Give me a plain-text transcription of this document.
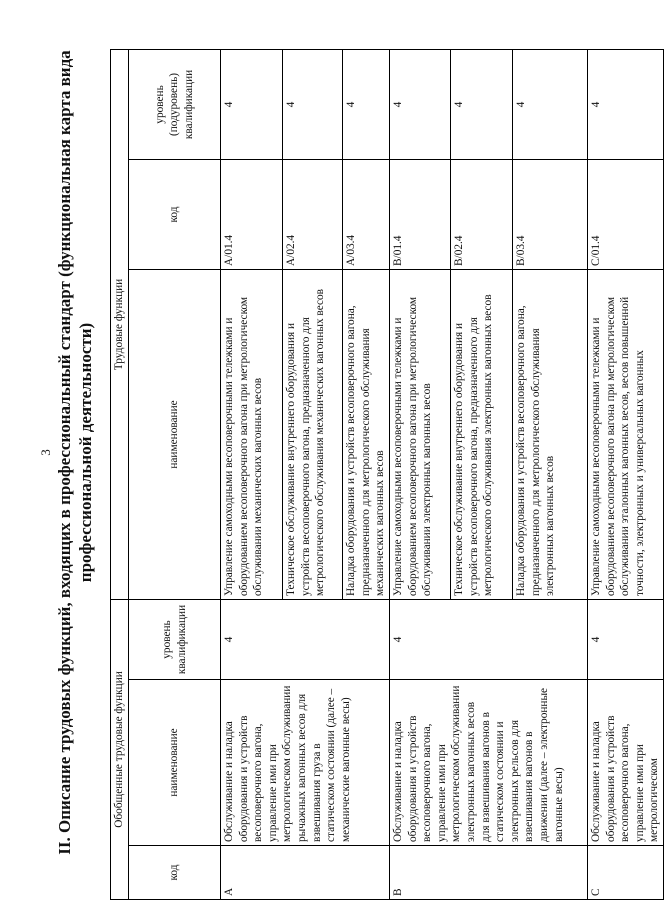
3 II. Описание трудовых функций, входящих в профессиональный стандарт (функциональная карта вида профессиональной деятельности)
Обобщенные трудовые функции			Трудовые функции		
код	наименование	уровень квалификации	наименование	код	уровень (подуровень) квалификации
A	Обслуживание и наладка оборудования и устройств весоповерочного вагона, управление ими при метрологическом обслуживании рычажных вагонных весов для взвешивания груза в статическом состоянии (далее – механические вагонные весы)	4	Управление самоходными весоповерочными тележками и оборудованием весоповерочного вагона при метрологическом обслуживании механических вагонных весов	A/01.4	4
			Техническое обслуживание внутреннего оборудования и устройств весоповерочного вагона, предназначенного для метрологического обслуживания механических вагонных весов	A/02.4	4
			Наладка оборудования и устройств весоповерочного вагона, предназначенного для метрологического обслуживания механических вагонных весов	A/03.4	4
B	Обслуживание и наладка оборудования и устройств весоповерочного вагона, управление ими при метрологическом обслуживании электронных вагонных весов для взвешивания вагонов в статическом состоянии и электронных рельсов для взвешивания вагонов в движении (далее – электронные вагонные весы)	4	Управление самоходными весоповерочными тележками и оборудованием весоповерочного вагона при метрологическом обслуживании электронных вагонных весов	B/01.4	4
			Техническое обслуживание внутреннего оборудования и устройств весоповерочного вагона, предназначенного для метрологического обслуживания электронных вагонных весов	B/02.4	4
			Наладка оборудования и устройств весоповерочного вагона, предназначенного для метрологического обслуживания электронных вагонных весов	B/03.4	4
C	Обслуживание и наладка оборудования и устройств весоповерочного вагона, управление ими при метрологическом	4	Управление самоходными весоповерочными тележками и оборудованием весоповерочного вагона при метрологическом обслуживании эталонных вагонных весов, весов повышенной точности, электронных и универсальных вагонных	C/01.4	4
